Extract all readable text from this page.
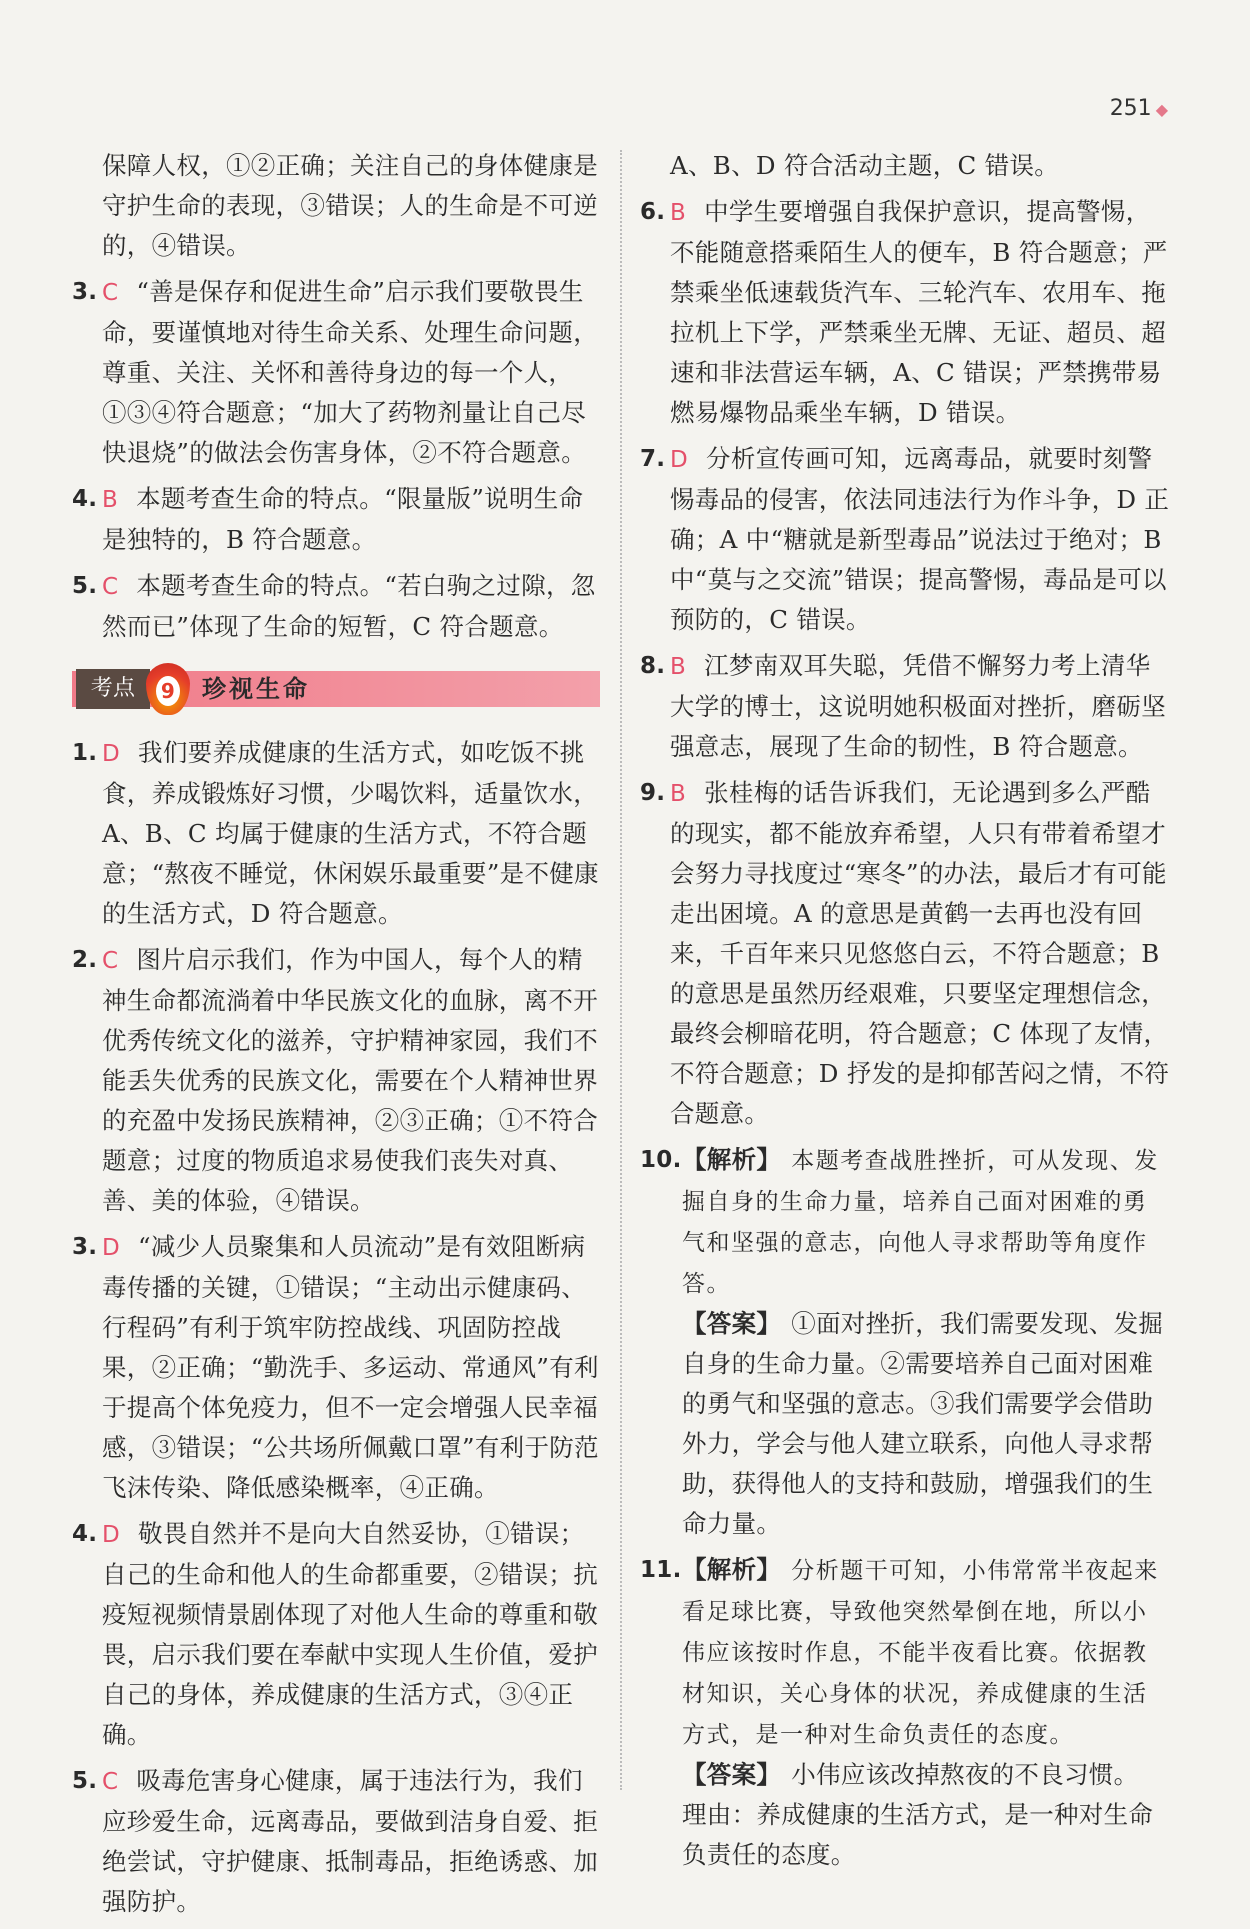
251 ◆
保障人权，①②正确；关注自己的身体健康是守护生命的表现，③错误；人的生命是不可逆的，④错误。
3. C “善是保存和促进生命”启示我们要敬畏生命，要谨慎地对待生命关系、处理生命问题，尊重、关注、关怀和善待身边的每一个人，①③④符合题意；“加大了药物剂量让自己尽快退烧”的做法会伤害身体，②不符合题意。
4. B 本题考查生命的特点。“限量版”说明生命是独特的，B 符合题意。
5. C 本题考查生命的特点。“若白驹之过隙，忽然而已”体现了生命的短暂，C 符合题意。
考点	9 珍视生命
1. D 我们要养成健康的生活方式，如吃饭不挑食，养成锻炼好习惯，少喝饮料，适量饮水，A、B、C 均属于健康的生活方式，不符合题意；“熬夜不睡觉，休闲娱乐最重要”是不健康的生活方式，D 符合题意。
2. C 图片启示我们，作为中国人，每个人的精神生命都流淌着中华民族文化的血脉，离不开优秀传统文化的滋养，守护精神家园，我们不能丢失优秀的民族文化，需要在个人精神世界的充盈中发扬民族精神，②③正确；①不符合题意；过度的物质追求易使我们丧失对真、善、美的体验，④错误。
3. D “减少人员聚集和人员流动”是有效阻断病毒传播的关键，①错误；“主动出示健康码、行程码”有利于筑牢防控战线、巩固防控战果，②正确；“勤洗手、多运动、常通风”有利于提高个体免疫力，但不一定会增强人民幸福感，③错误；“公共场所佩戴口罩”有利于防范飞沫传染、降低感染概率，④正确。
4. D 敬畏自然并不是向大自然妥协，①错误；自己的生命和他人的生命都重要，②错误；抗疫短视频情景剧体现了对他人生命的尊重和敬畏，启示我们要在奉献中实现人生价值，爱护自己的身体，养成健康的生活方式，③④正确。
5. C 吸毒危害身心健康，属于违法行为，我们应珍爱生命，远离毒品，要做到洁身自爱、拒绝尝试，守护健康、抵制毒品，拒绝诱惑、加强防护。
A、B、D 符合活动主题，C 错误。
6. B 中学生要增强自我保护意识，提高警惕，不能随意搭乘陌生人的便车，B 符合题意；严禁乘坐低速载货汽车、三轮汽车、农用车、拖拉机上下学，严禁乘坐无牌、无证、超员、超速和非法营运车辆，A、C 错误；严禁携带易燃易爆物品乘坐车辆，D 错误。
7. D 分析宣传画可知，远离毒品，就要时刻警惕毒品的侵害，依法同违法行为作斗争，D 正确；A 中“糖就是新型毒品”说法过于绝对；B 中“莫与之交流”错误；提高警惕，毒品是可以预防的，C 错误。
8. B 江梦南双耳失聪，凭借不懈努力考上清华大学的博士，这说明她积极面对挫折，磨砺坚强意志，展现了生命的韧性，B 符合题意。
9. B 张桂梅的话告诉我们，无论遇到多么严酷的现实，都不能放弃希望，人只有带着希望才会努力寻找度过“寒冬”的办法，最后才有可能走出困境。A 的意思是黄鹤一去再也没有回来，千百年来只见悠悠白云，不符合题意；B 的意思是虽然历经艰难，只要坚定理想信念，最终会柳暗花明，符合题意；C 体现了友情，不符合题意；D 抒发的是抑郁苦闷之情，不符合题意。
10. 【解析】 本题考查战胜挫折，可从发现、发掘自身的生命力量，培养自己面对困难的勇气和坚强的意志，向他人寻求帮助等角度作答。
【答案】 ①面对挫折，我们需要发现、发掘自身的生命力量。②需要培养自己面对困难的勇气和坚强的意志。③我们需要学会借助外力，学会与他人建立联系，向他人寻求帮助，获得他人的支持和鼓励，增强我们的生命力量。
11. 【解析】 分析题干可知，小伟常常半夜起来看足球比赛，导致他突然晕倒在地，所以小伟应该按时作息，不能半夜看比赛。依据教材知识，关心身体的状况，养成健康的生活方式，是一种对生命负责任的态度。
【答案】 小伟应该改掉熬夜的不良习惯。
理由：养成健康的生活方式，是一种对生命负责任的态度。
